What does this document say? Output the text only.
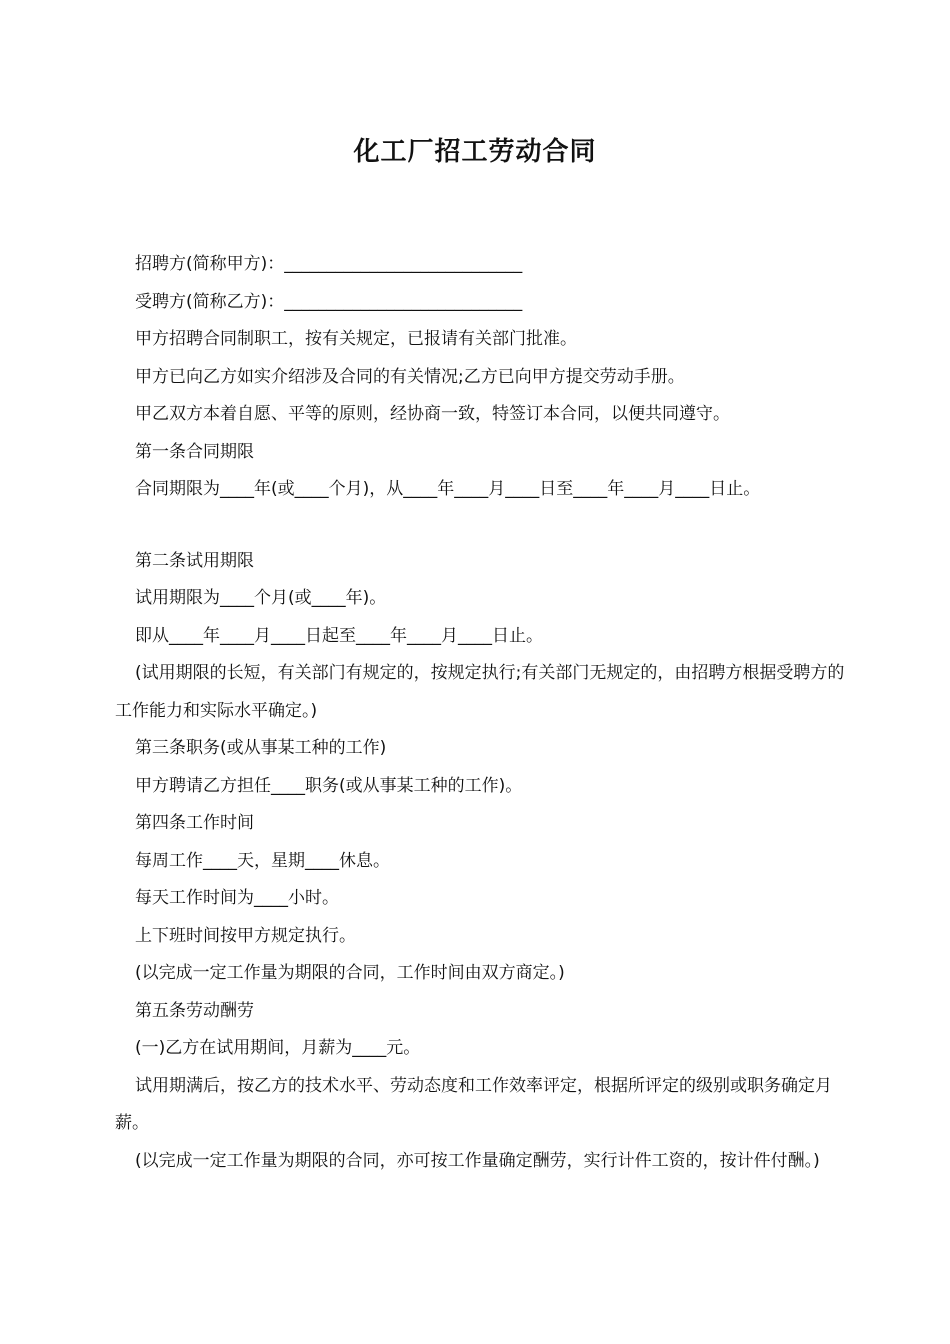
化工厂招工劳动合同

招聘方(简称甲方)：____________________________

受聘方(简称乙方)：____________________________

甲方招聘合同制职工，按有关规定，已报请有关部门批准。

甲方已向乙方如实介绍涉及合同的有关情况;乙方已向甲方提交劳动手册。

甲乙双方本着自愿、平等的原则，经协商一致，特签订本合同，以便共同遵守。

第一条合同期限

合同期限为____年(或____个月)，从____年____月____日至____年____月____日止。

第二条试用期限

试用期限为____个月(或____年)。

即从____年____月____日起至____年____月____日止。

(试用期限的长短，有关部门有规定的，按规定执行;有关部门无规定的，由招聘方根据受聘方的工作能力和实际水平确定。)

第三条职务(或从事某工种的工作)

甲方聘请乙方担任____职务(或从事某工种的工作)。

第四条工作时间

每周工作____天，星期____休息。

每天工作时间为____小时。

上下班时间按甲方规定执行。

(以完成一定工作量为期限的合同，工作时间由双方商定。)

第五条劳动酬劳

(一)乙方在试用期间，月薪为____元。

试用期满后，按乙方的技术水平、劳动态度和工作效率评定，根据所评定的级别或职务确定月薪。

(以完成一定工作量为期限的合同，亦可按工作量确定酬劳，实行计件工资的，按计件付酬。)
